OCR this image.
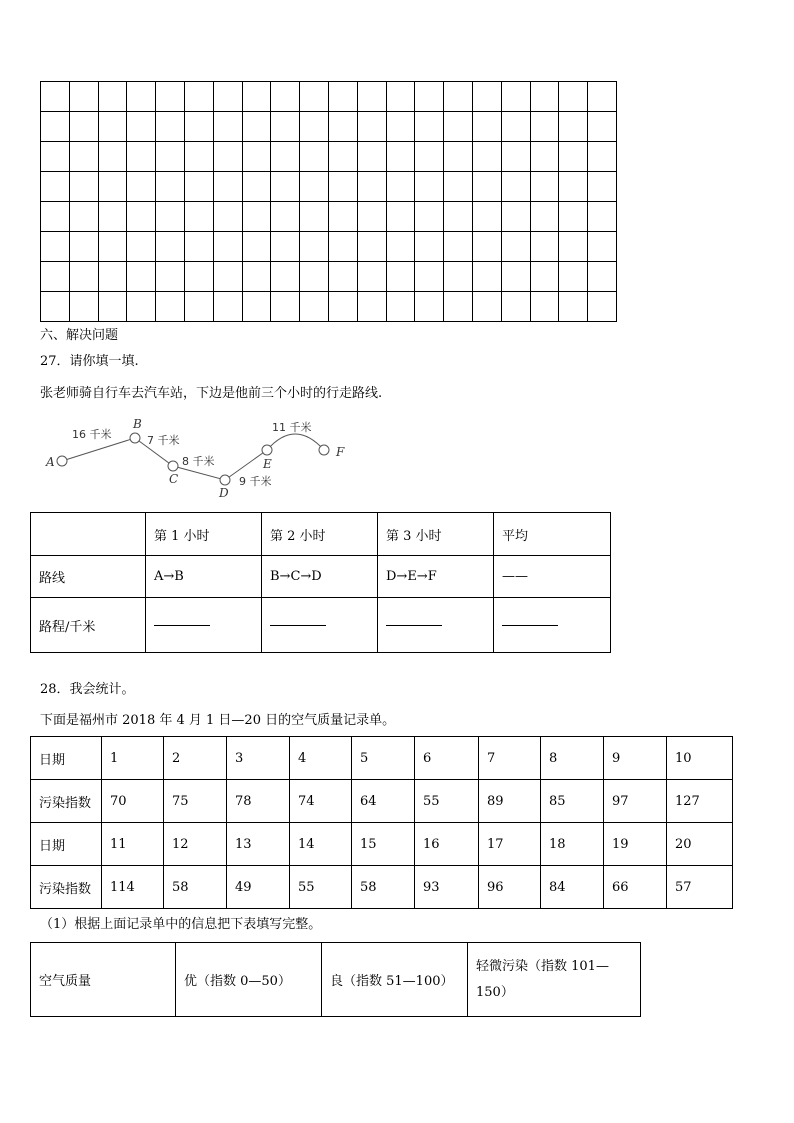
六、解决问题
27．请你填一填.
张老师骑自行车去汽车站，下边是他前三个小时的行走路线.
A
B
C
D
E
F
16 千米	7 千米
8 千米
9 千米
11 千米
	第 1 小时	第 2 小时	第 3 小时	平均
路线	A→B	B→C→D	D→E→F	——
路程/千米				
28．我会统计。
下面是福州市 2018 年 4 月 1 日—20 日的空气质量记录单。
日期	1	2	3	4	5	6	7	8	9	10
污染指数	70	75	78	74	64	55	89	85	97	127
日期	11	12	13	14	15	16	17	18	19	20
污染指数	114	58	49	55	58	93	96	84	66	57
（1）根据上面记录单中的信息把下表填写完整。
空气质量	优（指数 0—50）	良（指数 51—100）	轻微污染（指数 101—150）
